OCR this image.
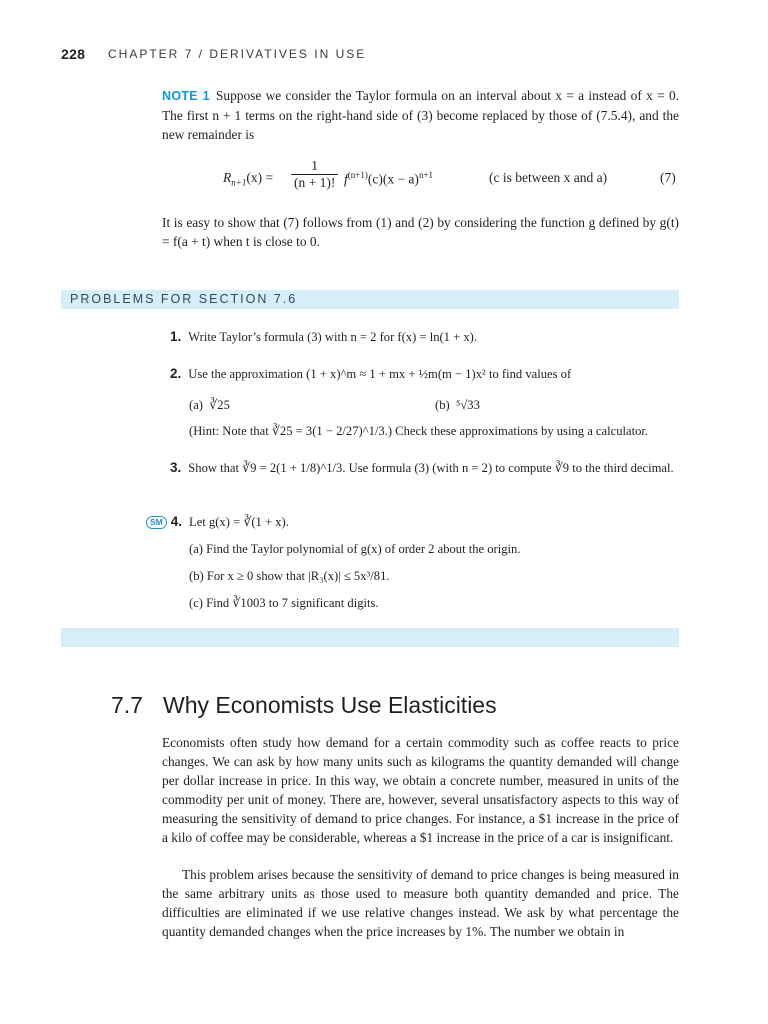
228 CHAPTER 7 / DERIVATIVES IN USE
NOTE 1 Suppose we consider the Taylor formula on an interval about x = a instead of x = 0. The first n + 1 terms on the right-hand side of (3) become replaced by those of (7.5.4), and the new remainder is
$R_{n+1}(x) = \frac{1}{(n + 1)!} f^{(n+1)}(c)(x - a)^{n+1}$	(c is between x and a)	(7)
It is easy to show that (7) follows from (1) and (2) by considering the function g defined by g(t) = f(a + t) when t is close to 0.
PROBLEMS FOR SECTION 7.6
1. Write Taylor’s formula (3) with n = 2 for f(x) = ln(1 + x).
2. Use the approximation (1 + x)^m ≈ 1 + mx + ½m(m − 1)x² to find values of
(a) ∛25	(b) ⁵√33
(Hint: Note that ∛25 = 3(1 − 2/27)^1/3.) Check these approximations by using a calculator.
3. Show that ∛9 = 2(1 + 1/8)^1/3. Use formula (3) (with n = 2) to compute ∛9 to the third decimal.
SM 4. Let g(x) = ∛(1 + x).
(a) Find the Taylor polynomial of g(x) of order 2 about the origin.
(b) For x ≥ 0 show that |R₃(x)| ≤ 5x³/81.
(c) Find ∛1003 to 7 significant digits.
7.7 Why Economists Use Elasticities
Economists often study how demand for a certain commodity such as coffee reacts to price changes. We can ask by how many units such as kilograms the quantity demanded will change per dollar increase in price. In this way, we obtain a concrete number, measured in units of the commodity per unit of money. There are, however, several unsatisfactory aspects to this way of measuring the sensitivity of demand to price changes. For instance, a $1 increase in the price of a kilo of coffee may be considerable, whereas a $1 increase in the price of a car is insignificant.
This problem arises because the sensitivity of demand to price changes is being measured in the same arbitrary units as those used to measure both quantity demanded and price. The difficulties are eliminated if we use relative changes instead. We ask by what percentage the quantity demanded changes when the price increases by 1%. The number we obtain in
